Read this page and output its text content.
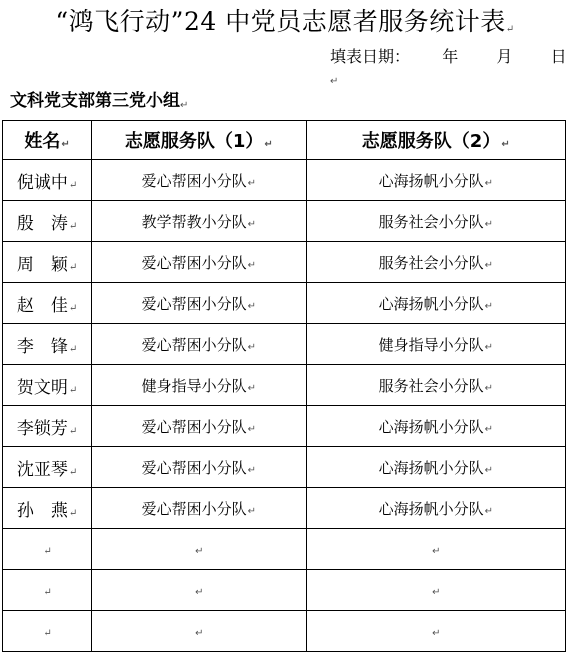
“鸿飞行动”24 中党员志愿者服务统计表↵
填表日期： 年 月 日↵
文科党支部第三党小组↵
姓名↵	志愿服务队（1）↵	志愿服务队（2）↵
倪诚中↵	爱心帮困小分队↵	心海扬帆小分队↵
殷　涛↵	教学帮教小分队↵	服务社会小分队↵
周　颖↵	爱心帮困小分队↵	服务社会小分队↵
赵　佳↵	爱心帮困小分队↵	心海扬帆小分队↵
李　锋↵	爱心帮困小分队↵	健身指导小分队↵
贺文明↵	健身指导小分队↵	服务社会小分队↵
李锁芳↵	爱心帮困小分队↵	心海扬帆小分队↵
沈亚琴↵	爱心帮困小分队↵	心海扬帆小分队↵
孙　燕↵	爱心帮困小分队↵	心海扬帆小分队↵
↵	↵	↵
↵	↵	↵
↵	↵	↵
